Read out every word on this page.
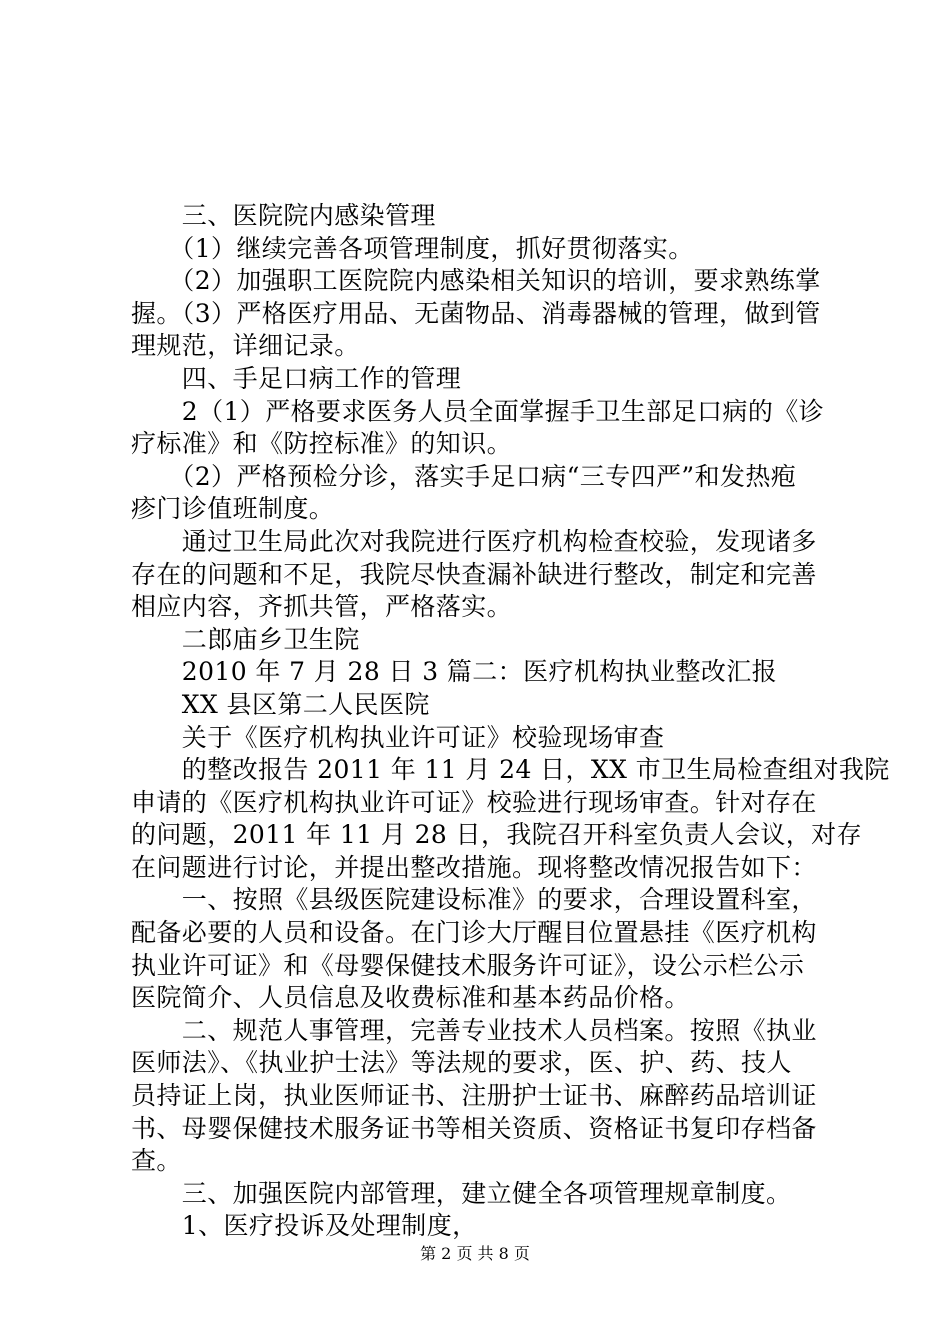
　　三、医院院内感染管理
　　（1）继续完善各项管理制度，抓好贯彻落实。
　　（2）加强职工医院院内感染相关知识的培训，要求熟练掌
握。（3）严格医疗用品、无菌物品、消毒器械的管理，做到管
理规范，详细记录。
　　四、手足口病工作的管理
　　2（1）严格要求医务人员全面掌握手卫生部足口病的《诊
疗标准》和《防控标准》的知识。
　　（2）严格预检分诊，落实手足口病“三专四严”和发热疱
疹门诊值班制度。
　　通过卫生局此次对我院进行医疗机构检查校验，发现诸多
存在的问题和不足，我院尽快查漏补缺进行整改，制定和完善
相应内容，齐抓共管，严格落实。
　　二郎庙乡卫生院
　　2010 年 7 月 28 日 3 篇二：医疗机构执业整改汇报
　　XX 县区第二人民医院
　　关于《医疗机构执业许可证》校验现场审查
　　的整改报告 2011 年 11 月 24 日，XX 市卫生局检查组对我院
申请的《医疗机构执业许可证》校验进行现场审查。针对存在
的问题，2011 年 11 月 28 日，我院召开科室负责人会议，对存
在问题进行讨论，并提出整改措施。现将整改情况报告如下：
　　一、按照《县级医院建设标准》的要求，合理设置科室，
配备必要的人员和设备。在门诊大厅醒目位置悬挂《医疗机构
执业许可证》和《母婴保健技术服务许可证》，设公示栏公示
医院简介、人员信息及收费标准和基本药品价格。
　　二、规范人事管理，完善专业技术人员档案。按照《执业
医师法》、《执业护士法》等法规的要求，医、护、药、技人
员持证上岗，执业医师证书、注册护士证书、麻醉药品培训证
书、母婴保健技术服务证书等相关资质、资格证书复印存档备
查。
　　三、加强医院内部管理，建立健全各项管理规章制度。
　　1、医疗投诉及处理制度，
第 2 页 共 8 页
